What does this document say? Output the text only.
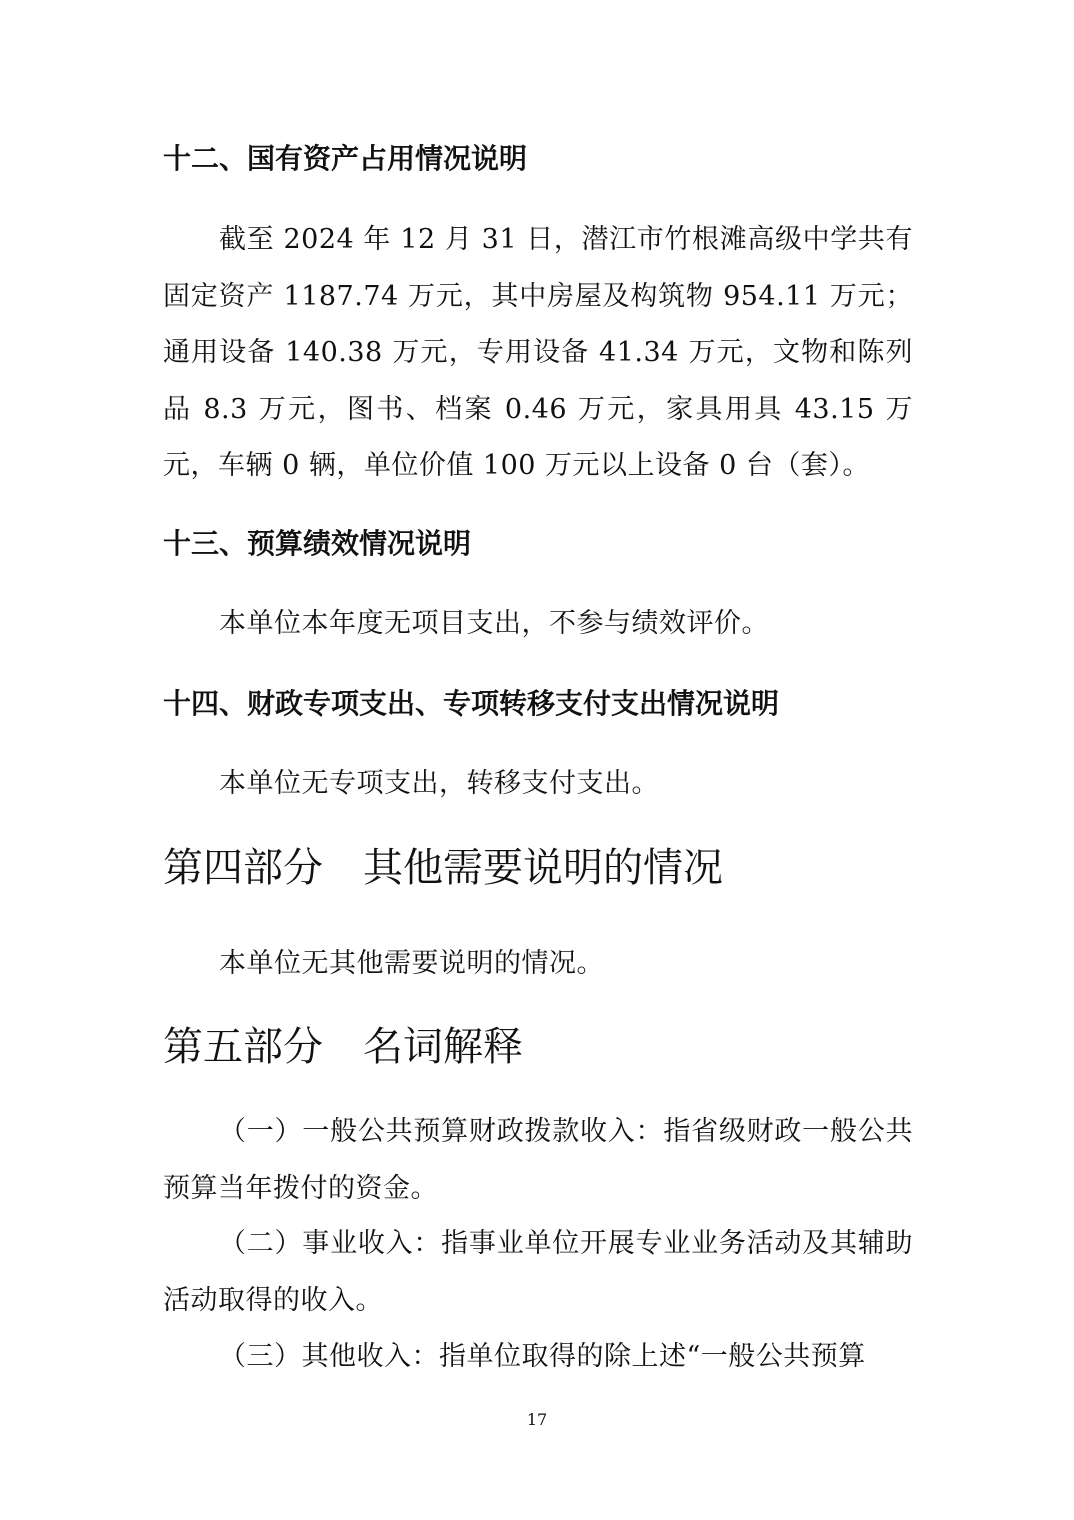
十二、国有资产占用情况说明

截至 2024 年 12 月 31 日，潜江市竹根滩高级中学共有固定资产 1187.74 万元，其中房屋及构筑物 954.11 万元；通用设备 140.38 万元，专用设备 41.34 万元，文物和陈列品 8.3 万元，图书、档案 0.46 万元，家具用具 43.15 万元，车辆 0 辆，单位价值 100 万元以上设备 0 台（套）。

十三、预算绩效情况说明

本单位本年度无项目支出，不参与绩效评价。

十四、财政专项支出、专项转移支付支出情况说明

本单位无专项支出，转移支付支出。

第四部分　其他需要说明的情况

本单位无其他需要说明的情况。

第五部分　名词解释

（一）一般公共预算财政拨款收入：指省级财政一般公共预算当年拨付的资金。

（二）事业收入：指事业单位开展专业业务活动及其辅助活动取得的收入。

（三）其他收入：指单位取得的除上述“一般公共预算

17
